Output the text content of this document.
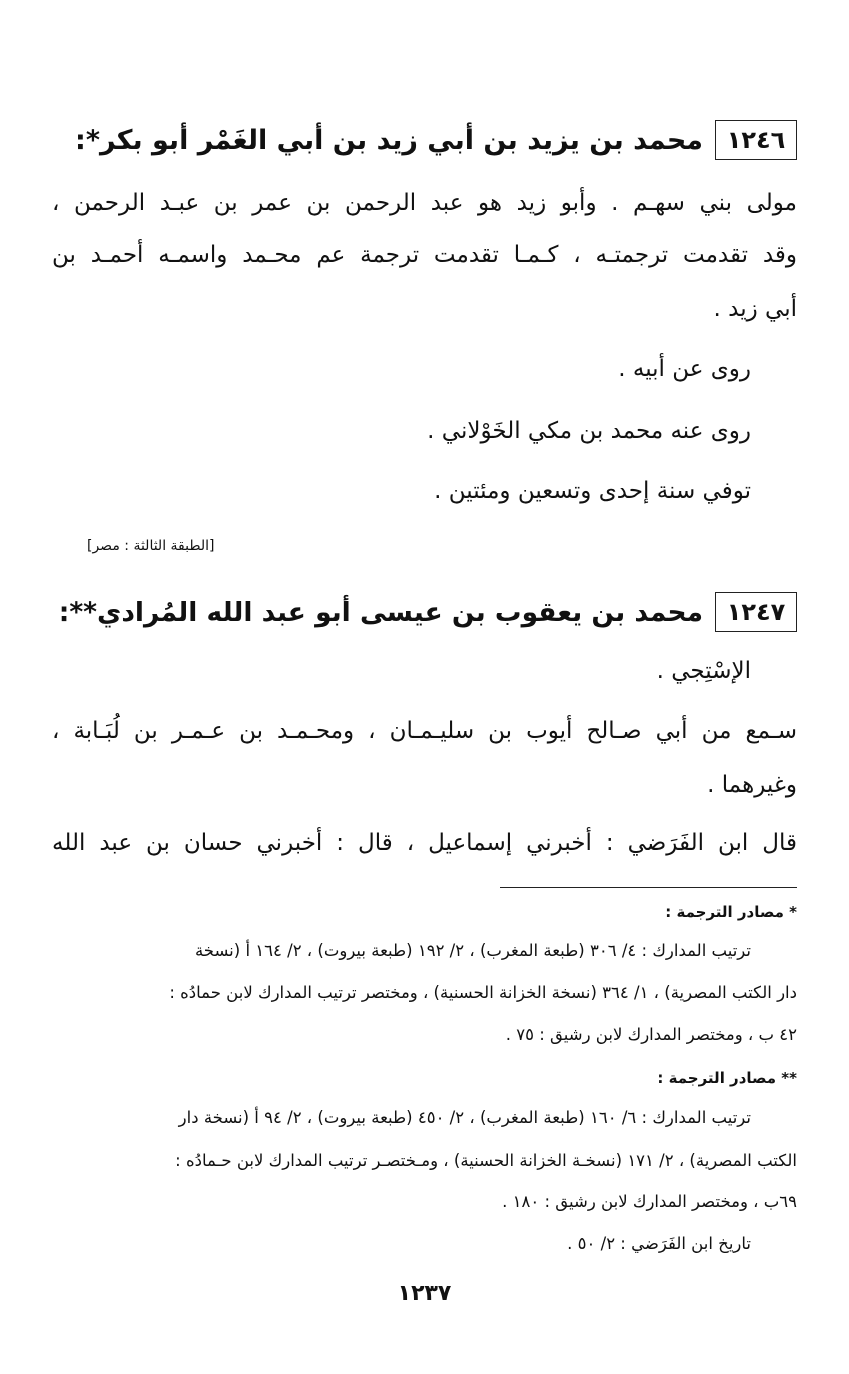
١٢٤٦
محمد بن يزيد بن أبي زيد بن أبي الغَمْر أبو بكر*:
مولى بني سهـم . وأبو زيد هو عبد الرحمن بن عمر بن عبـد الرحمن ،
وقد تقدمت ترجمتـه ، كـمـا تقدمت ترجمة عم محـمد واسمـه أحمـد بن
أبي زيد .
روى عن أبيه .
روى عنه محمد بن مكي الخَوْلاني .
توفي سنة إحدى وتسعين ومئتين .
[الطبقة الثالثة : مصر]
١٢٤٧
محمد بن يعقوب بن عيسى أبو عبد الله المُرادي**:
الإسْتِجي .
سـمع من أبي صـالح أيوب بن سليـمـان ، ومحـمـد بن عـمـر بن لُبَـابة ،
وغيرهما .
قال ابن الفَرَضي : أخبرني إسماعيل ، قال : أخبرني حسان بن عبد الله
* مصادر الترجمة :
ترتيب المدارك : ٤/ ٣٠٦ (طبعة المغرب) ، ٢/ ١٩٢ (طبعة بيروت) ، ٢/ ١٦٤ أ (نسخة
دار الكتب المصرية) ، ١/ ٣٦٤ (نسخة الخزانة الحسنية) ، ومختصر ترتيب المدارك لابن حمادُه :
٤٢ ب ، ومختصر المدارك لابن رشيق : ٧٥ .
** مصادر الترجمة :
ترتيب المدارك : ٦/ ١٦٠ (طبعة المغرب) ، ٢/ ٤٥٠ (طبعة بيروت) ، ٢/ ٩٤ أ (نسخة دار
الكتب المصرية) ، ٢/ ١٧١ (نسخـة الخزانة الحسنية) ، ومـختصـر ترتيب المدارك لابن حـمادُه :
٦٩ب ، ومختصر المدارك لابن رشيق : ١٨٠ .
تاريخ ابن الفَرَضي : ٢/ ٥٠ .
١٢٣٧
